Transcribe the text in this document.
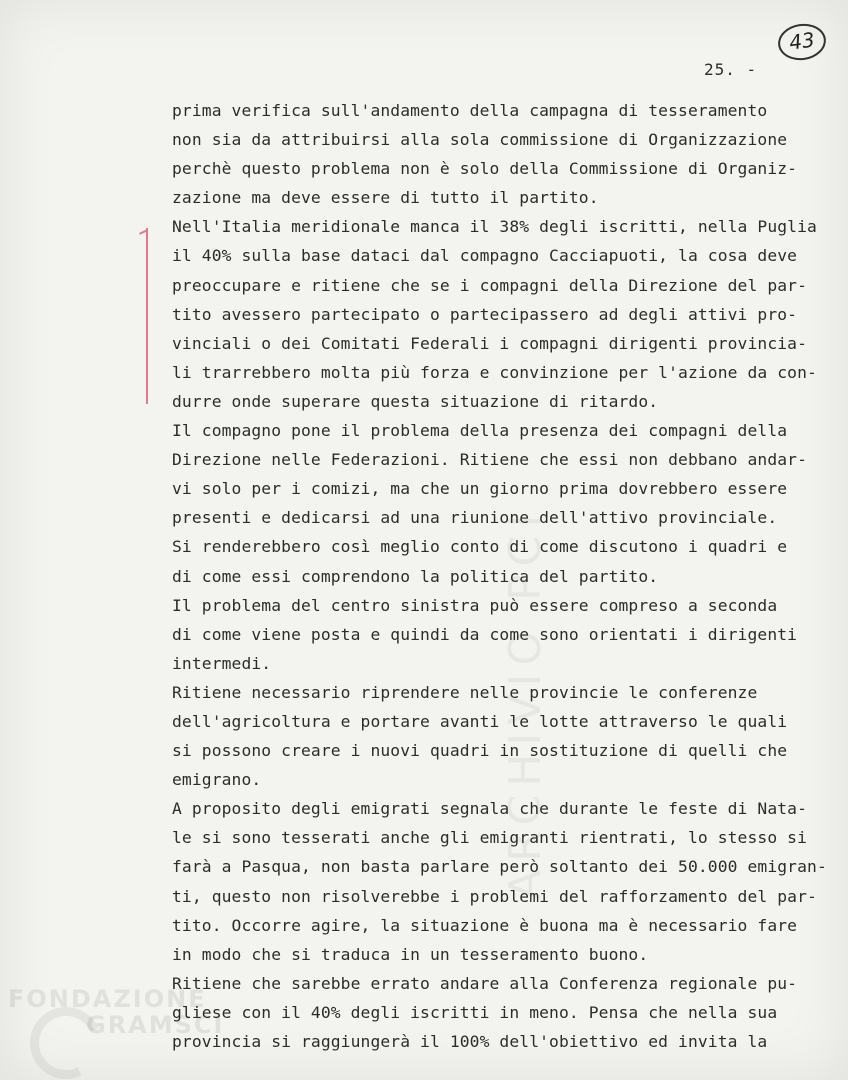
ARCHIVIO PCI
43
25. -
prima verifica sull'andamento della campagna di tesseramento
non sia da attribuirsi alla sola commissione di Organizzazione
perchè questo problema non è solo della Commissione di Organiz-
zazione ma deve essere di tutto il partito.
Nell'Italia meridionale manca il 38% degli iscritti, nella Puglia
il 40% sulla base dataci dal compagno Cacciapuoti, la cosa deve
preoccupare e ritiene che se i compagni della Direzione del par-
tito avessero partecipato o partecipassero ad degli attivi pro-
vinciali o dei Comitati Federali i compagni dirigenti provincia-
li trarrebbero molta più forza e convinzione per l'azione da con-
durre onde superare questa situazione di ritardo.
Il compagno pone il problema della presenza dei compagni della
Direzione nelle Federazioni. Ritiene che essi non debbano andar-
vi solo per i comizi, ma che un giorno prima dovrebbero essere
presenti e dedicarsi ad una riunione dell'attivo provinciale.
Si renderebbero così meglio conto di come discutono i quadri e
di come essi comprendono la politica del partito.
Il problema del centro sinistra può essere compreso a seconda
di come viene posta e quindi da come sono orientati i dirigenti
intermedi.
Ritiene necessario riprendere nelle provincie le conferenze
dell'agricoltura e portare avanti le lotte attraverso le quali
si possono creare i nuovi quadri in sostituzione di quelli che
emigrano.
A proposito degli emigrati segnala che durante le feste di Nata-
le si sono tesserati anche gli emigranti rientrati, lo stesso si
farà a Pasqua, non basta parlare però soltanto dei 50.000 emigran-
ti, questo non risolverebbe i problemi del rafforzamento del par-
tito. Occorre agire, la situazione è buona ma è necessario fare
in modo che si traduca in un tesseramento buono.
Ritiene che sarebbe errato andare alla Conferenza regionale pu-
gliese con il 40% degli iscritti in meno. Pensa che nella sua
provincia si raggiungerà il 100% dell'obiettivo ed invita la
FONDAZIONE
GRAMSCI
